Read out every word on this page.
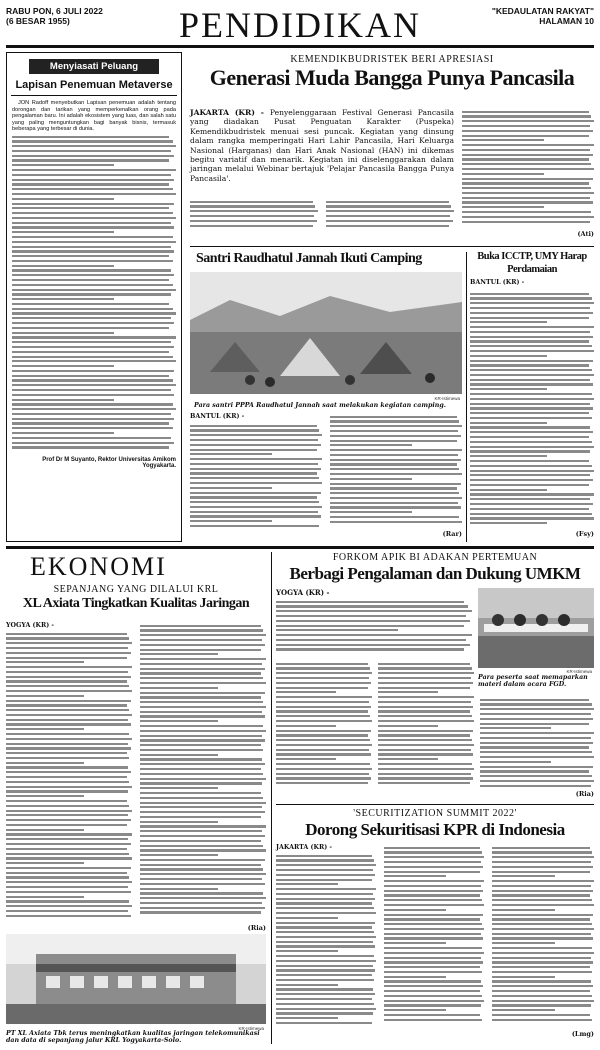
RABU PON, 6 JULI 2022
(6 BESAR 1955)	PENDIDIKAN	"KEDAULATAN RAKYAT"
HALAMAN 10
Menyiasati Peluang
Lapisan Penemuan Metaverse

JON Radoff menyebutkan Lapisan penemuan adalah tentang dorongan dan tarikan yang memperkenalkan orang pada pengalaman baru. Ini adalah ekosistem yang luas, dan salah satu yang paling menguntungkan bagi banyak bisnis, termasuk beberapa yang terbesar di dunia.

Prof Dr M Suyanto, Rektor Universitas Amikom Yogyakarta.
KEMENDIKBUDRISTEK BERI APRESIASI
Generasi Muda Bangga Punya Pancasila
JAKARTA (KR) - Penyelenggaraan Festival Generasi Pancasila yang diadakan Pusat Penguatan Karakter (Puspeka) Kemendikbudristek menuai sesi puncak. Kegiatan yang dinsung dalam rangka memperingati Hari Lahir Pancasila, Hari Keluarga Nasional (Harganas) dan Hari Anak Nasional (HAN) ini dikemas begitu variatif dan menarik. Kegiatan ini diselenggarakan dalam jaringan melalui Webinar bertajuk 'Pelajar Pancasila Bangga Punya Pancasila'.
(Ati)
Santri Raudhatul Jannah Ikuti Camping
KR-Istimewa
Para santri PPPA Raudhatul Jannah saat melakukan kegiatan camping.
BANTUL (KR) -
(Rar)
Buka ICCTP, UMY Harap Perdamaian
BANTUL (KR) -
(Fsy)
EKONOMI
SEPANJANG YANG DILALUI KRL
XL Axiata Tingkatkan Kualitas Jaringan
YOGYA (KR) -
(Ria)
KR-Istimewa
PT XL Axiata Tbk terus meningkatkan kualitas jaringan telekomunikasi dan data di sepanjang jalur KRL Yogyakarta-Solo.
FORKOM APIK BI ADAKAN PERTEMUAN
Berbagi Pengalaman dan Dukung UMKM
YOGYA (KR) -
KR-Istimewa
Para peserta saat memaparkan materi dalam acara FGD.
(Ria)
'SECURITIZATION SUMMIT 2022'
Dorong Sekuritisasi KPR di Indonesia
JAKARTA (KR) -
(Lmg)
